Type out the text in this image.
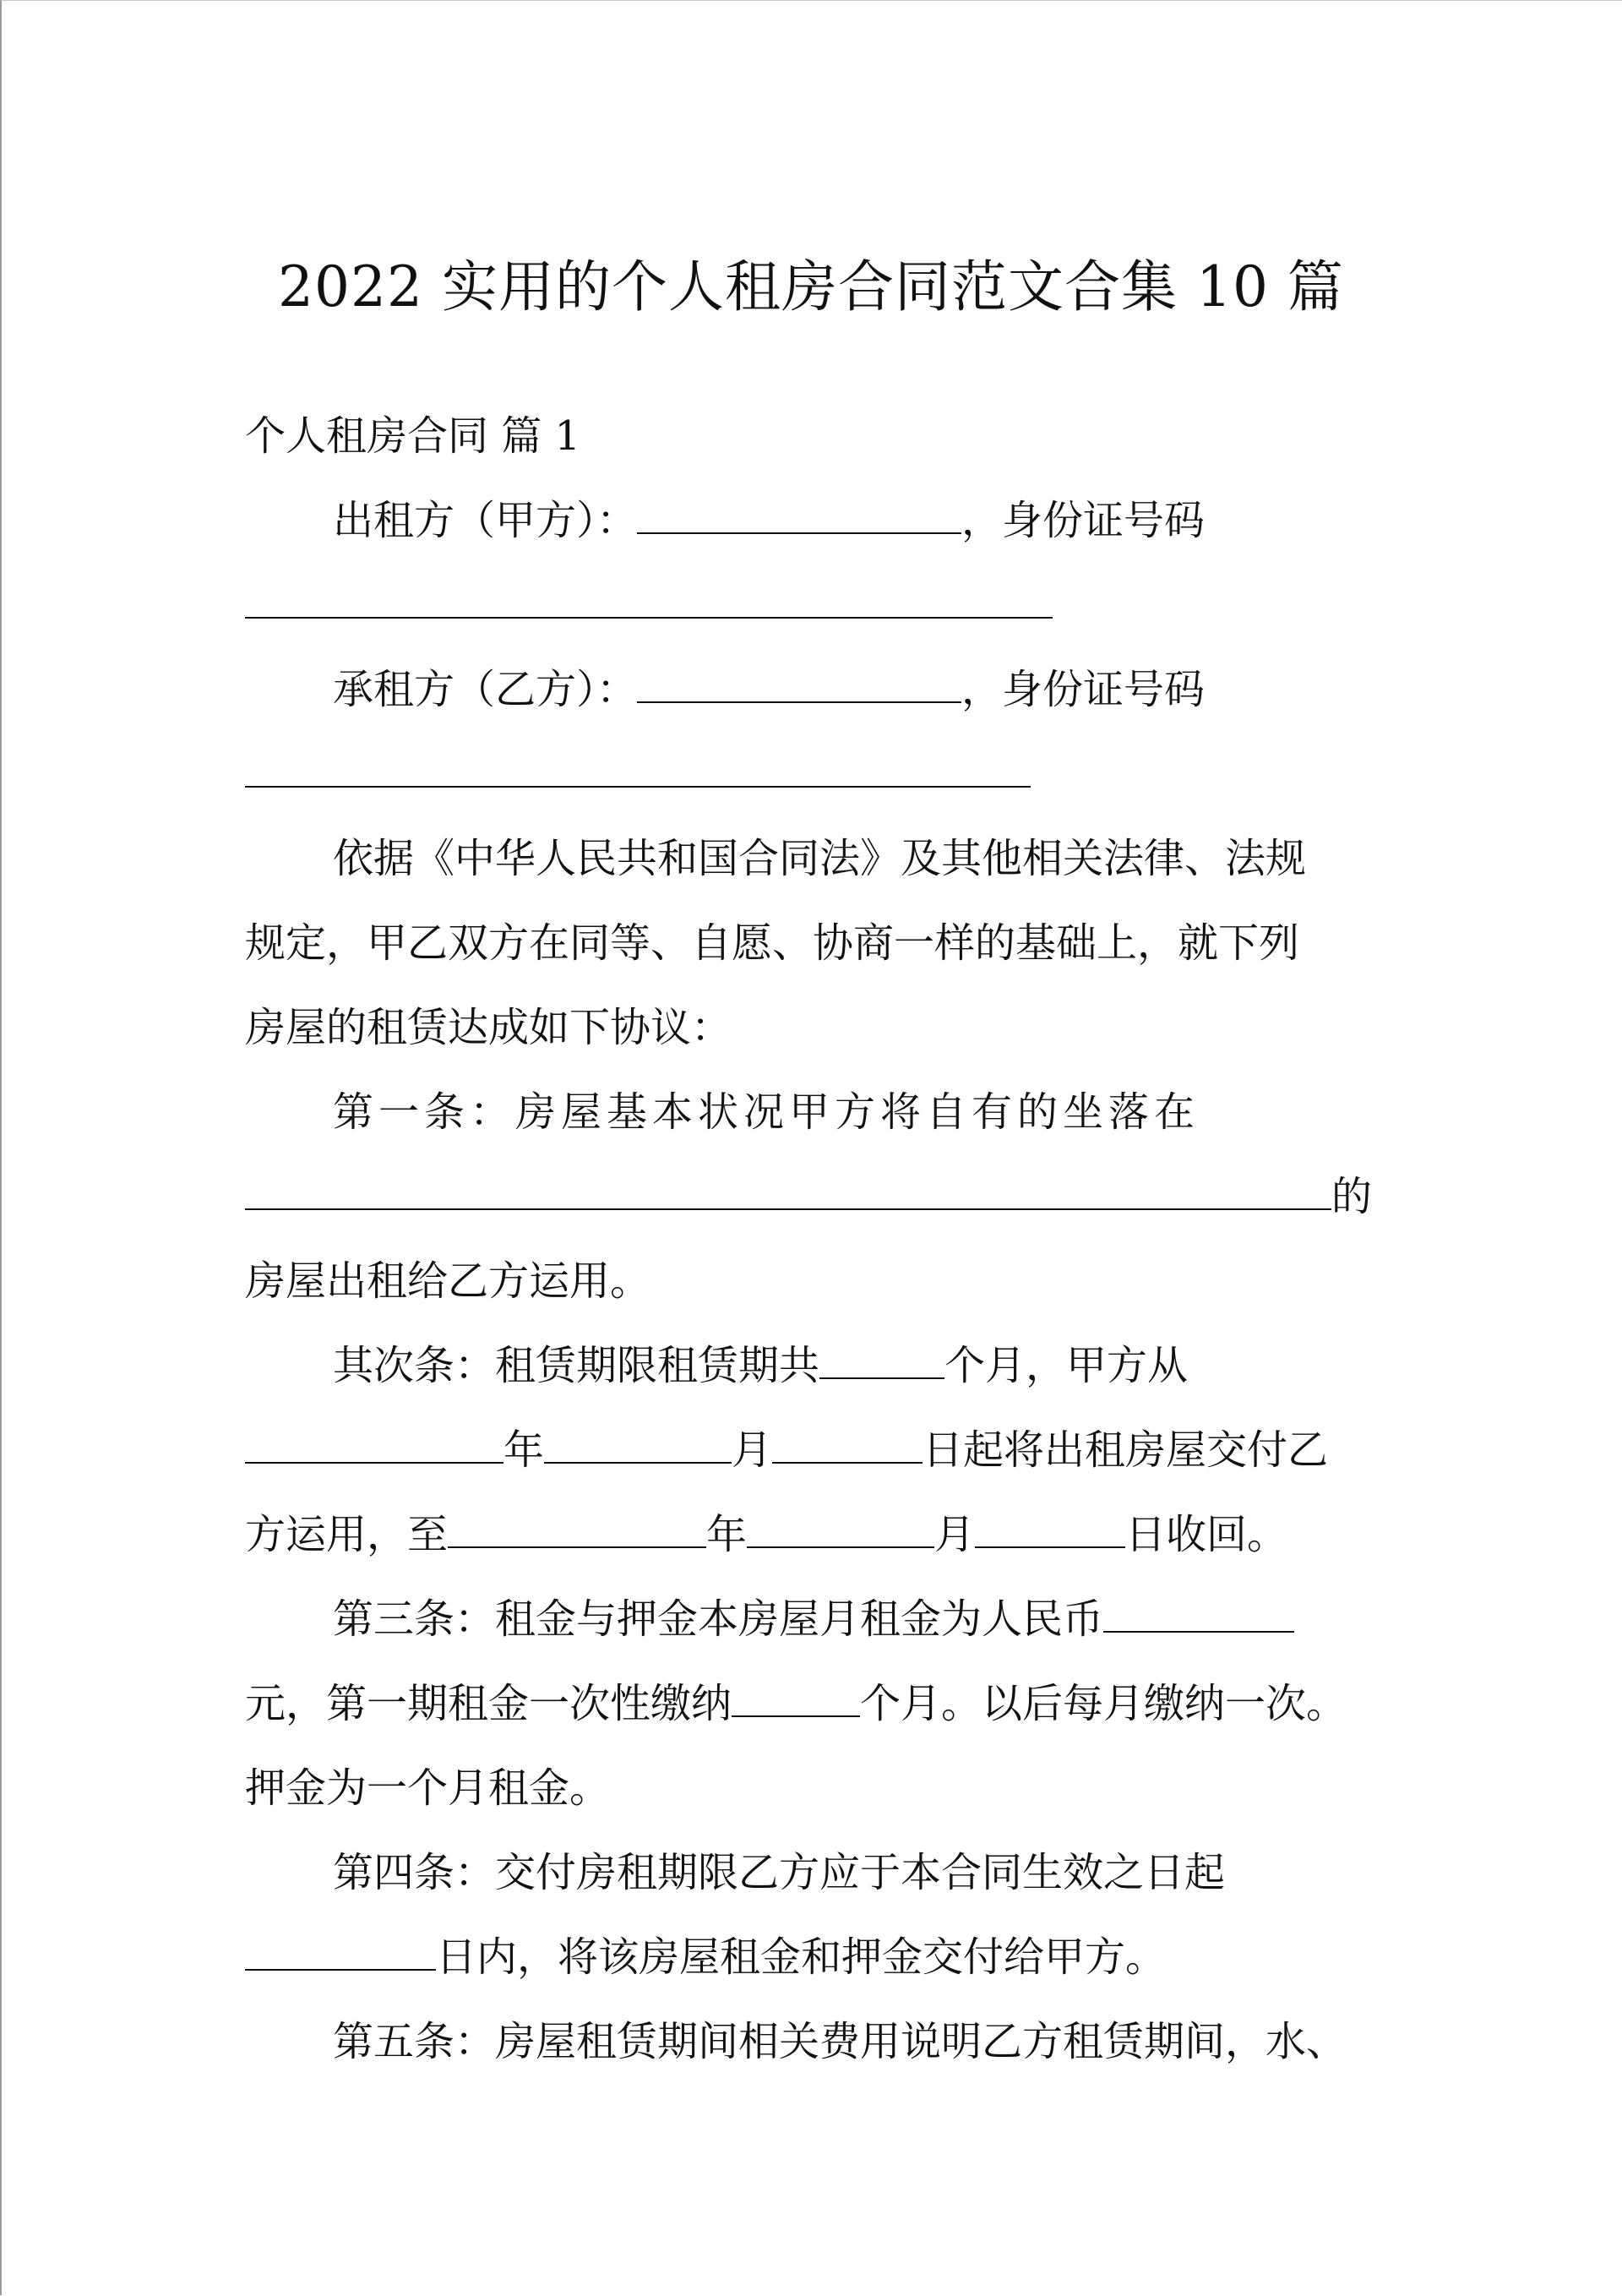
2022 实用的个人租房合同范文合集 10 篇
个人租房合同 篇 1
出租方（甲方）：	，身份证号码
承租方（乙方）：	，身份证号码
依据《中华人民共和国合同法》及其他相关法律、法规
规定，甲乙双方在同等、自愿、协商一样的基础上，就下列
房屋的租赁达成如下协议：
第一条：房屋基本状况甲方将自有的坐落在
的
房屋出租给乙方运用。
其次条：租赁期限租赁期共	个月，甲方从
年	月	日起将出租房屋交付乙
方运用，至	年	月	日收回。
第三条：租金与押金本房屋月租金为人民币
元，第一期租金一次性缴纳	个月。以后每月缴纳一次。
押金为一个月租金。
第四条：交付房租期限乙方应于本合同生效之日起
日内，将该房屋租金和押金交付给甲方。
第五条：房屋租赁期间相关费用说明乙方租赁期间，水、
